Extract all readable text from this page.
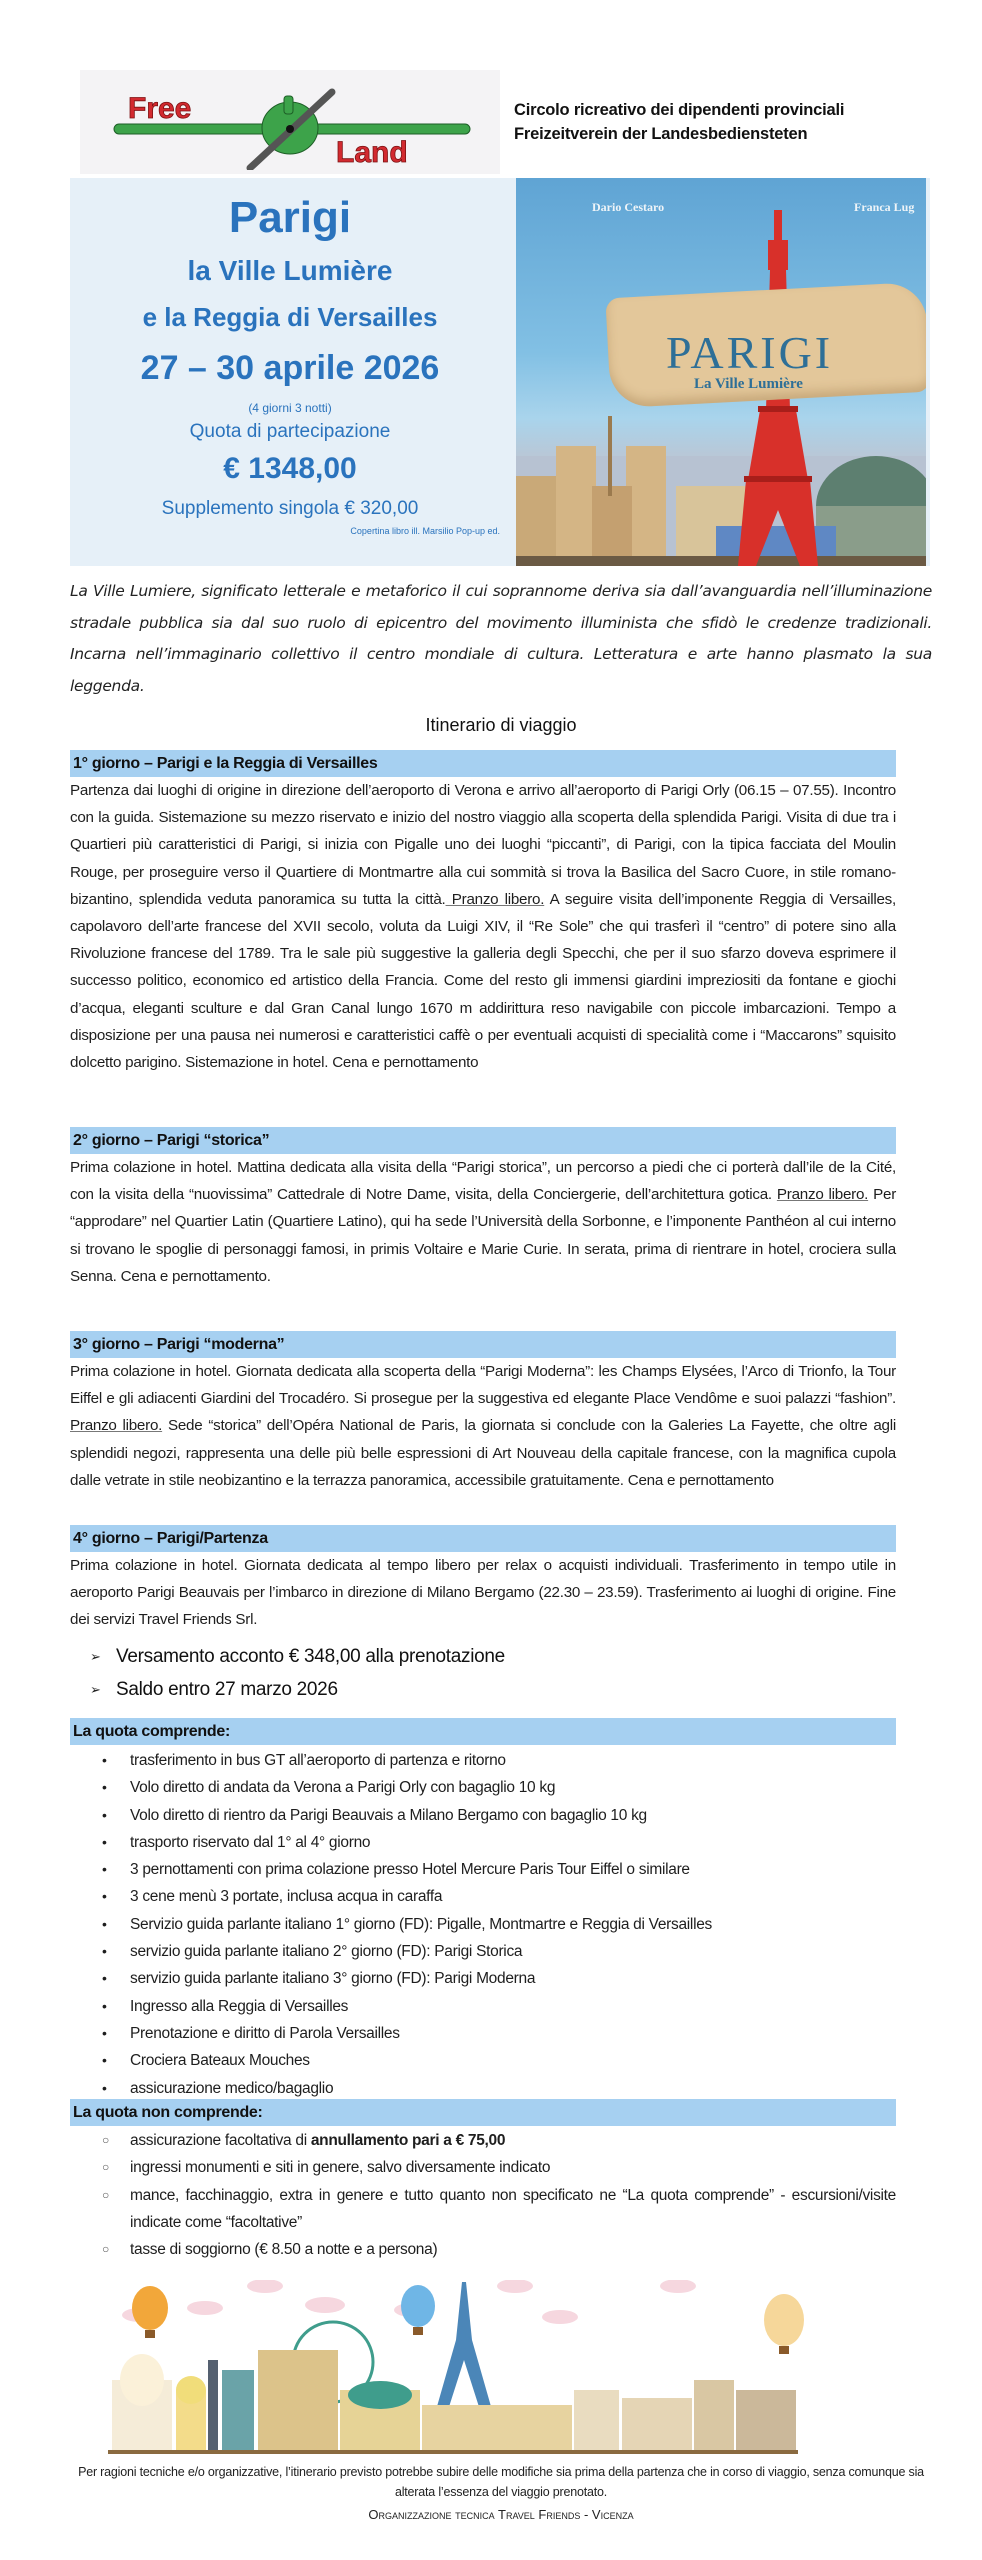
Free
Land
Circolo ricreativo dei dipendenti provinciali
Freizeitverein der Landesbediensteten
Parigi
la Ville Lumière
e la Reggia di Versailles
27 – 30 aprile 2026
(4 giorni 3 notti)
Quota di partecipazione
€ 1348,00
Supplemento singola € 320,00
Copertina libro ill. Marsilio Pop-up ed.
Dario Cestaro	Franca Lug
PARIGI
La Ville Lumière
La Ville Lumiere, significato letterale e metaforico il cui soprannome deriva sia dall’avanguardia nell’illuminazione stradale pubblica sia dal suo ruolo di epicentro del movimento illuminista che sfidò le credenze tradizionali. Incarna nell’immaginario collettivo il centro mondiale di cultura. Letteratura e arte hanno plasmato la sua leggenda.
Itinerario di viaggio
1° giorno – Parigi e la Reggia di Versailles
Partenza dai luoghi di origine in direzione dell’aeroporto di Verona e arrivo all’aeroporto di Parigi Orly (06.15 – 07.55). Incontro con la guida. Sistemazione su mezzo riservato e inizio del nostro viaggio alla scoperta della splendida Parigi. Visita di due tra i Quartieri più caratteristici di Parigi, si inizia con Pigalle uno dei luoghi “piccanti”, di Parigi, con la tipica facciata del Moulin Rouge, per proseguire verso il Quartiere di Montmartre alla cui sommità si trova la Basilica del Sacro Cuore, in stile romano-bizantino, splendida veduta panoramica su tutta la città. Pranzo libero. A seguire visita dell’imponente Reggia di Versailles, capolavoro dell’arte francese del XVII secolo, voluta da Luigi XIV, il “Re Sole” che qui trasferì il “centro” di potere sino alla Rivoluzione francese del 1789. Tra le sale più suggestive la galleria degli Specchi, che per il suo sfarzo doveva esprimere il successo politico, economico ed artistico della Francia. Come del resto gli immensi giardini impreziositi da fontane e giochi d’acqua, eleganti sculture e dal Gran Canal lungo 1670 m addirittura reso navigabile con piccole imbarcazioni. Tempo a disposizione per una pausa nei numerosi e caratteristici caffè o per eventuali acquisti di specialità come i “Maccarons” squisito dolcetto parigino. Sistemazione in hotel. Cena e pernottamento
2° giorno – Parigi “storica”
Prima colazione in hotel. Mattina dedicata alla visita della “Parigi storica”, un percorso a piedi che ci porterà dall’ile de la Cité, con la visita della “nuovissima” Cattedrale di Notre Dame, visita, della Conciergerie, dell’architettura gotica. Pranzo libero. Per “approdare” nel Quartier Latin (Quartiere Latino), qui ha sede l’Università della Sorbonne, e l’imponente Panthéon al cui interno si trovano le spoglie di personaggi famosi, in primis Voltaire e Marie Curie. In serata, prima di rientrare in hotel, crociera sulla Senna. Cena e pernottamento.
3° giorno – Parigi “moderna”
Prima colazione in hotel. Giornata dedicata alla scoperta della “Parigi Moderna”: les Champs Elysées, l’Arco di Trionfo, la Tour Eiffel e gli adiacenti Giardini del Trocadéro. Si prosegue per la suggestiva ed elegante Place Vendôme e suoi palazzi “fashion”. Pranzo libero. Sede “storica” dell’Opéra National de Paris, la giornata si conclude con la Galeries La Fayette, che oltre agli splendidi negozi, rappresenta una delle più belle espressioni di Art Nouveau della capitale francese, con la magnifica cupola dalle vetrate in stile neobizantino e la terrazza panoramica, accessibile gratuitamente. Cena e pernottamento
4° giorno – Parigi/Partenza
Prima colazione in hotel. Giornata dedicata al tempo libero per relax o acquisti individuali. Trasferimento in tempo utile in aeroporto Parigi Beauvais per l’imbarco in direzione di Milano Bergamo (22.30 – 23.59). Trasferimento ai luoghi di origine. Fine dei servizi Travel Friends Srl.
➢ Versamento acconto € 348,00 alla prenotazione
➢ Saldo entro 27 marzo 2026
La quota comprende:
•	trasferimento in bus GT all’aeroporto di partenza e ritorno
•	Volo diretto di andata da Verona a Parigi Orly con bagaglio 10 kg
•	Volo diretto di rientro da Parigi Beauvais a Milano Bergamo con bagaglio 10 kg
•	trasporto riservato dal 1° al 4° giorno
•	3 pernottamenti con prima colazione presso Hotel Mercure Paris Tour Eiffel o similare
•	3 cene menù 3 portate, inclusa acqua in caraffa
•	Servizio guida parlante italiano 1° giorno (FD): Pigalle, Montmartre e Reggia di Versailles
•	servizio guida parlante italiano 2° giorno (FD): Parigi Storica
•	servizio guida parlante italiano 3° giorno (FD): Parigi Moderna
•	Ingresso alla Reggia di Versailles
•	Prenotazione e diritto di Parola Versailles
•	Crociera Bateaux Mouches
•	assicurazione medico/bagaglio
La quota non comprende:
○	assicurazione facoltativa di annullamento pari a € 75,00
○	ingressi monumenti e siti in genere, salvo diversamente indicato
○	mance, facchinaggio, extra in genere e tutto quanto non specificato ne “La quota comprende” - escursioni/visite indicate come “facoltative”
○	tasse di soggiorno (€ 8.50 a notte e a persona)
Per ragioni tecniche e/o organizzative, l’itinerario previsto potrebbe subire delle modifiche sia prima della partenza che in corso di viaggio, senza comunque sia alterata l’essenza del viaggio prenotato.
Organizzazione tecnica Travel Friends - Vicenza
